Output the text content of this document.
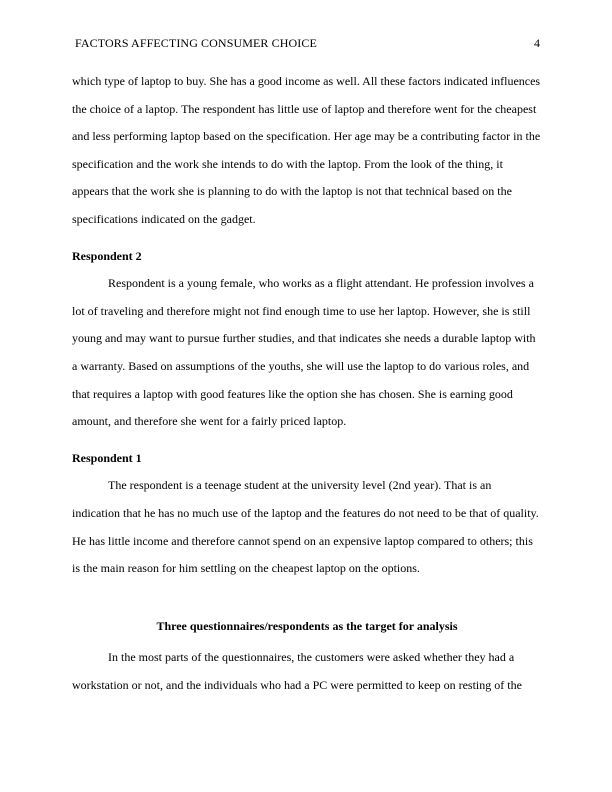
FACTORS AFFECTING CONSUMER CHOICE	4

which type of laptop to buy. She has a good income as well. All these factors indicated influences the choice of a laptop. The respondent has little use of laptop and therefore went for the cheapest and less performing laptop based on the specification. Her age may be a contributing factor in the specification and the work she intends to do with the laptop. From the look of the thing, it appears that the work she is planning to do with the laptop is not that technical based on the specifications indicated on the gadget.

Respondent 2

Respondent is a young female, who works as a flight attendant. He profession involves a lot of traveling and therefore might not find enough time to use her laptop. However, she is still young and may want to pursue further studies, and that indicates she needs a durable laptop with a warranty. Based on assumptions of the youths, she will use the laptop to do various roles, and that requires a laptop with good features like the option she has chosen. She is earning good amount, and therefore she went for a fairly priced laptop.

Respondent 1

The respondent is a teenage student at the university level (2nd year). That is an indication that he has no much use of the laptop and the features do not need to be that of quality. He has little income and therefore cannot spend on an expensive laptop compared to others; this is the main reason for him settling on the cheapest laptop on the options.

Three questionnaires/respondents as the target for analysis

In the most parts of the questionnaires, the customers were asked whether they had a workstation or not, and the individuals who had a PC were permitted to keep on resting of the
